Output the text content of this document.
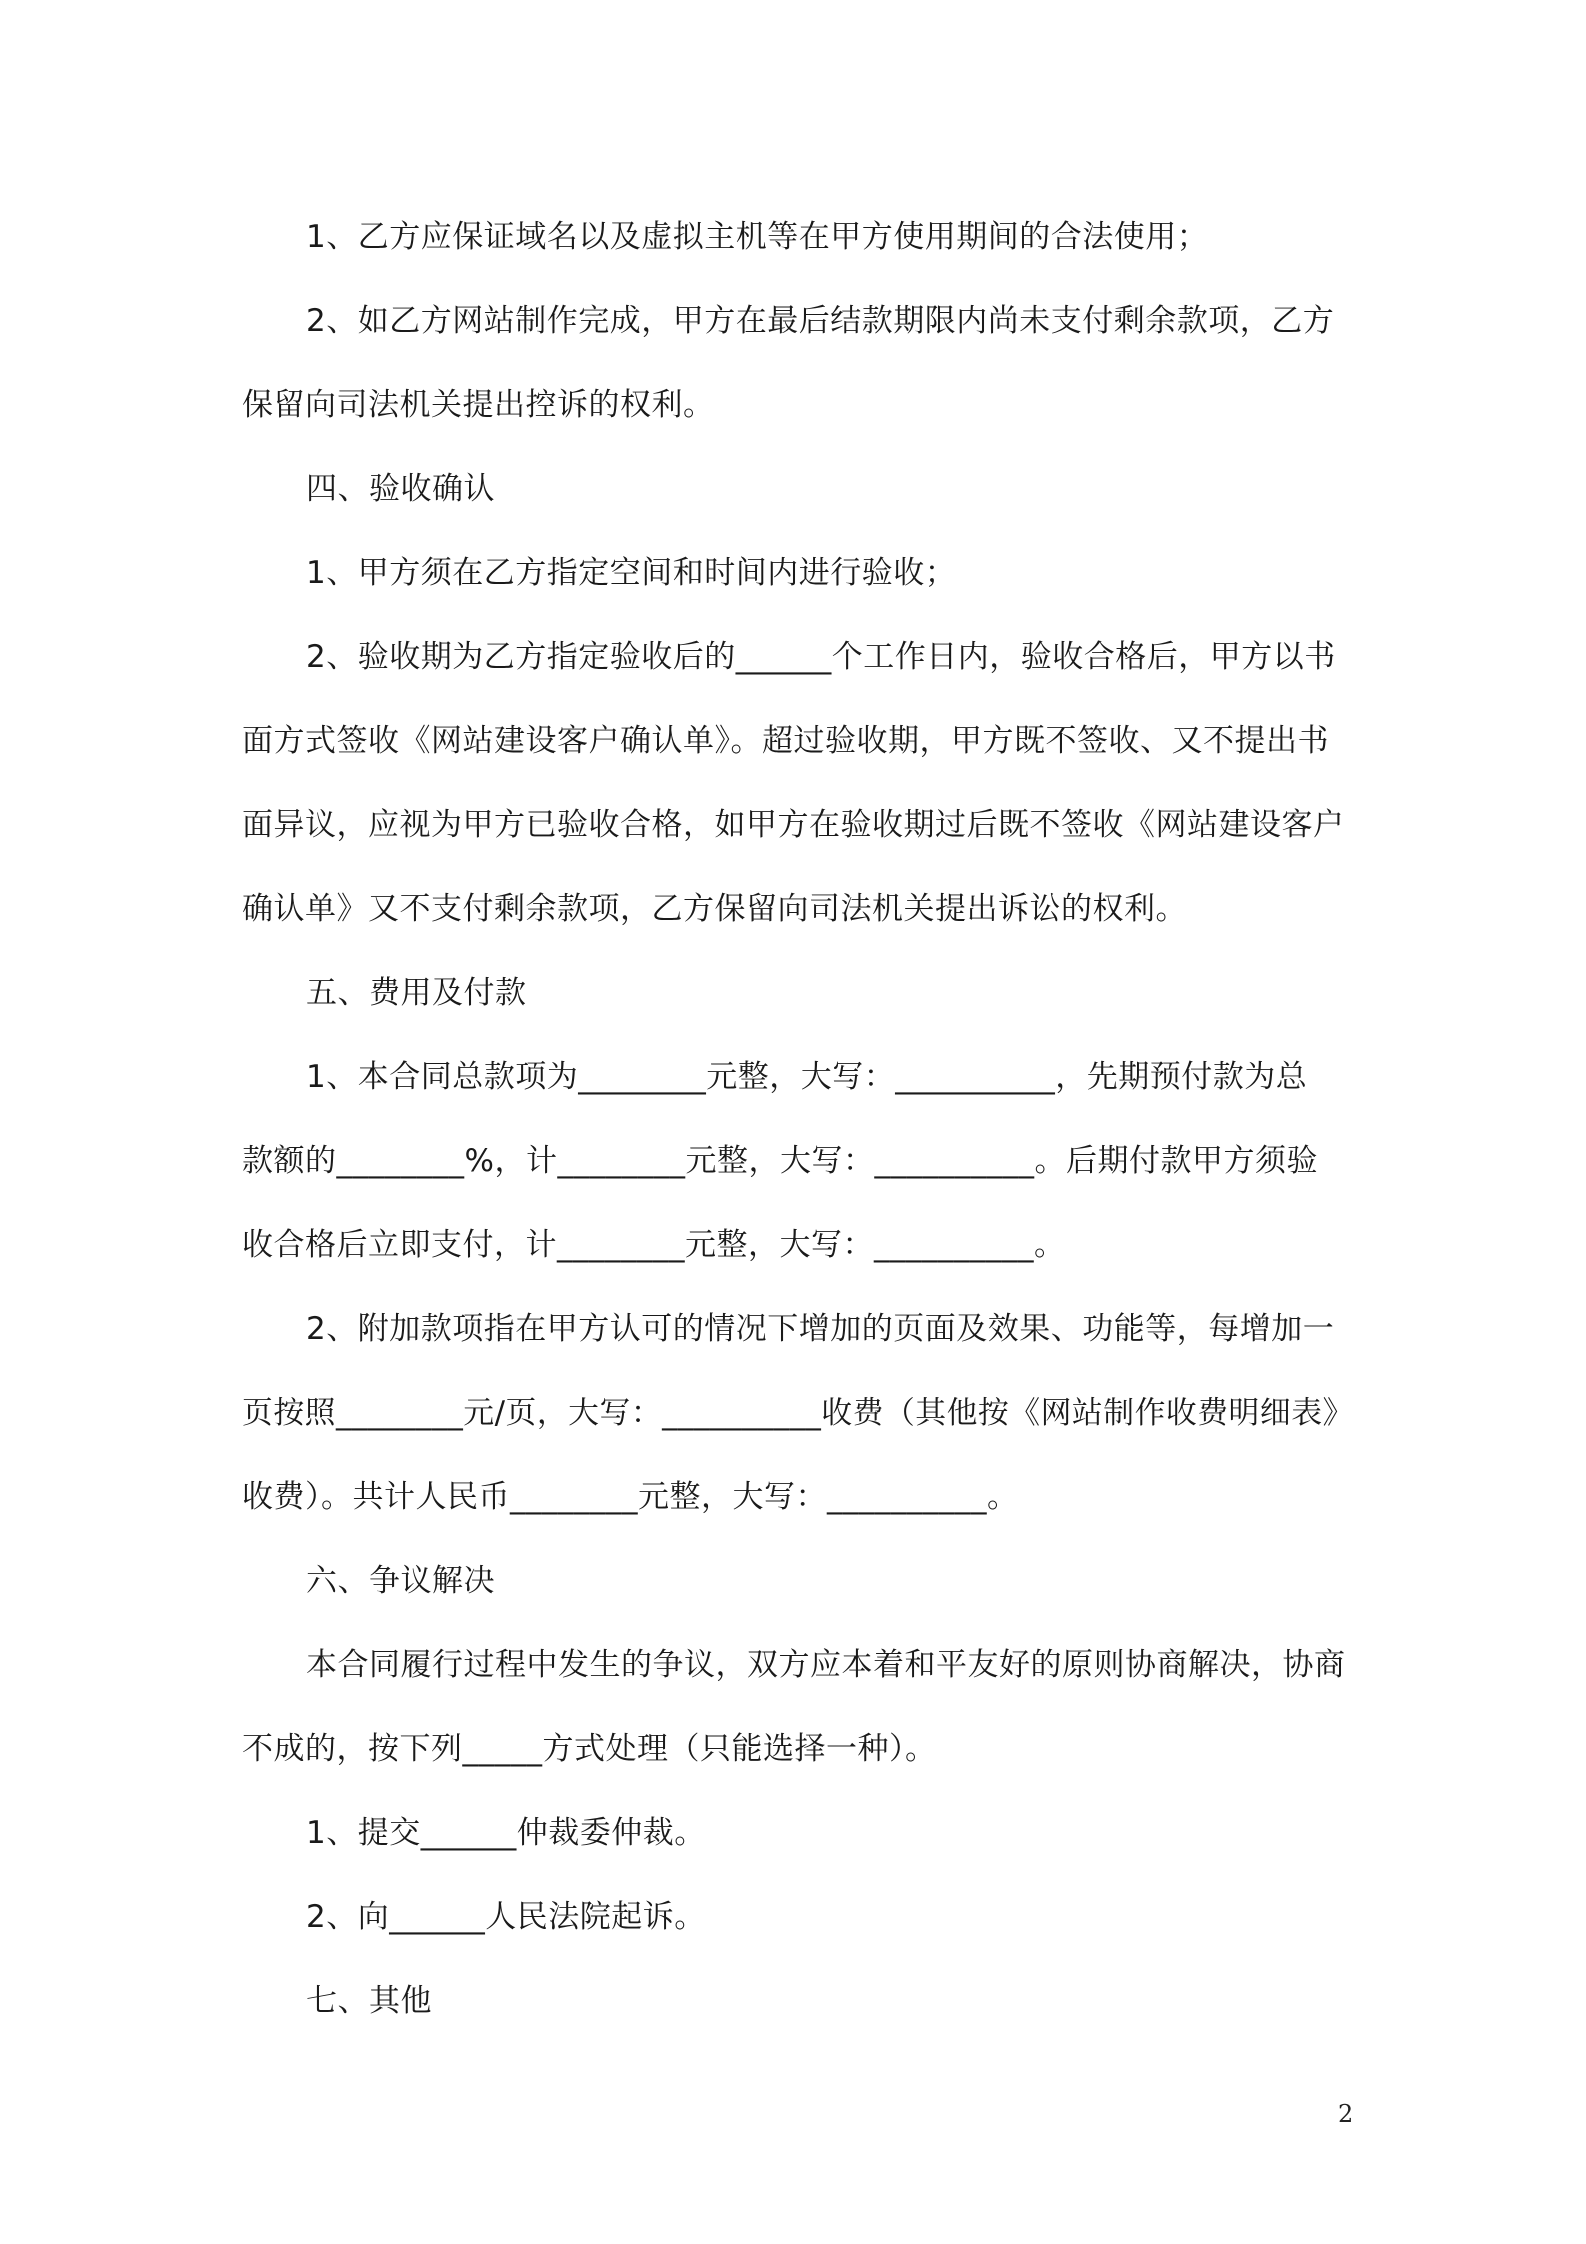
1、乙方应保证域名以及虚拟主机等在甲方使用期间的合法使用；
2、如乙方网站制作完成，甲方在最后结款期限内尚未支付剩余款项，乙方
保留向司法机关提出控诉的权利。
四、验收确认
1、甲方须在乙方指定空间和时间内进行验收；
2、验收期为乙方指定验收后的______个工作日内，验收合格后，甲方以书
面方式签收《网站建设客户确认单》。超过验收期，甲方既不签收、又不提出书
面异议，应视为甲方已验收合格，如甲方在验收期过后既不签收《网站建设客户
确认单》又不支付剩余款项，乙方保留向司法机关提出诉讼的权利。
五、费用及付款
1、本合同总款项为________元整，大写：__________，先期预付款为总
款额的________%，计________元整，大写：__________。后期付款甲方须验
收合格后立即支付，计________元整，大写：__________。
2、附加款项指在甲方认可的情况下增加的页面及效果、功能等，每增加一
页按照________元/页，大写：__________收费（其他按《网站制作收费明细表》
收费）。共计人民币________元整，大写：__________。
六、争议解决
本合同履行过程中发生的争议，双方应本着和平友好的原则协商解决，协商
不成的，按下列_____方式处理（只能选择一种）。
1、提交______仲裁委仲裁。
2、向______人民法院起诉。
七、其他
2
